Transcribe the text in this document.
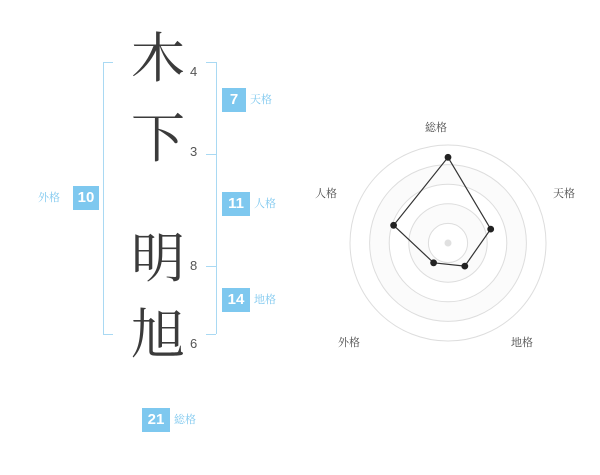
外格	10
木 4
下 3
明 8
旭 6
7	天格
11 人格
14 地格
21 総格
総格
天格
地格
外格
人格
